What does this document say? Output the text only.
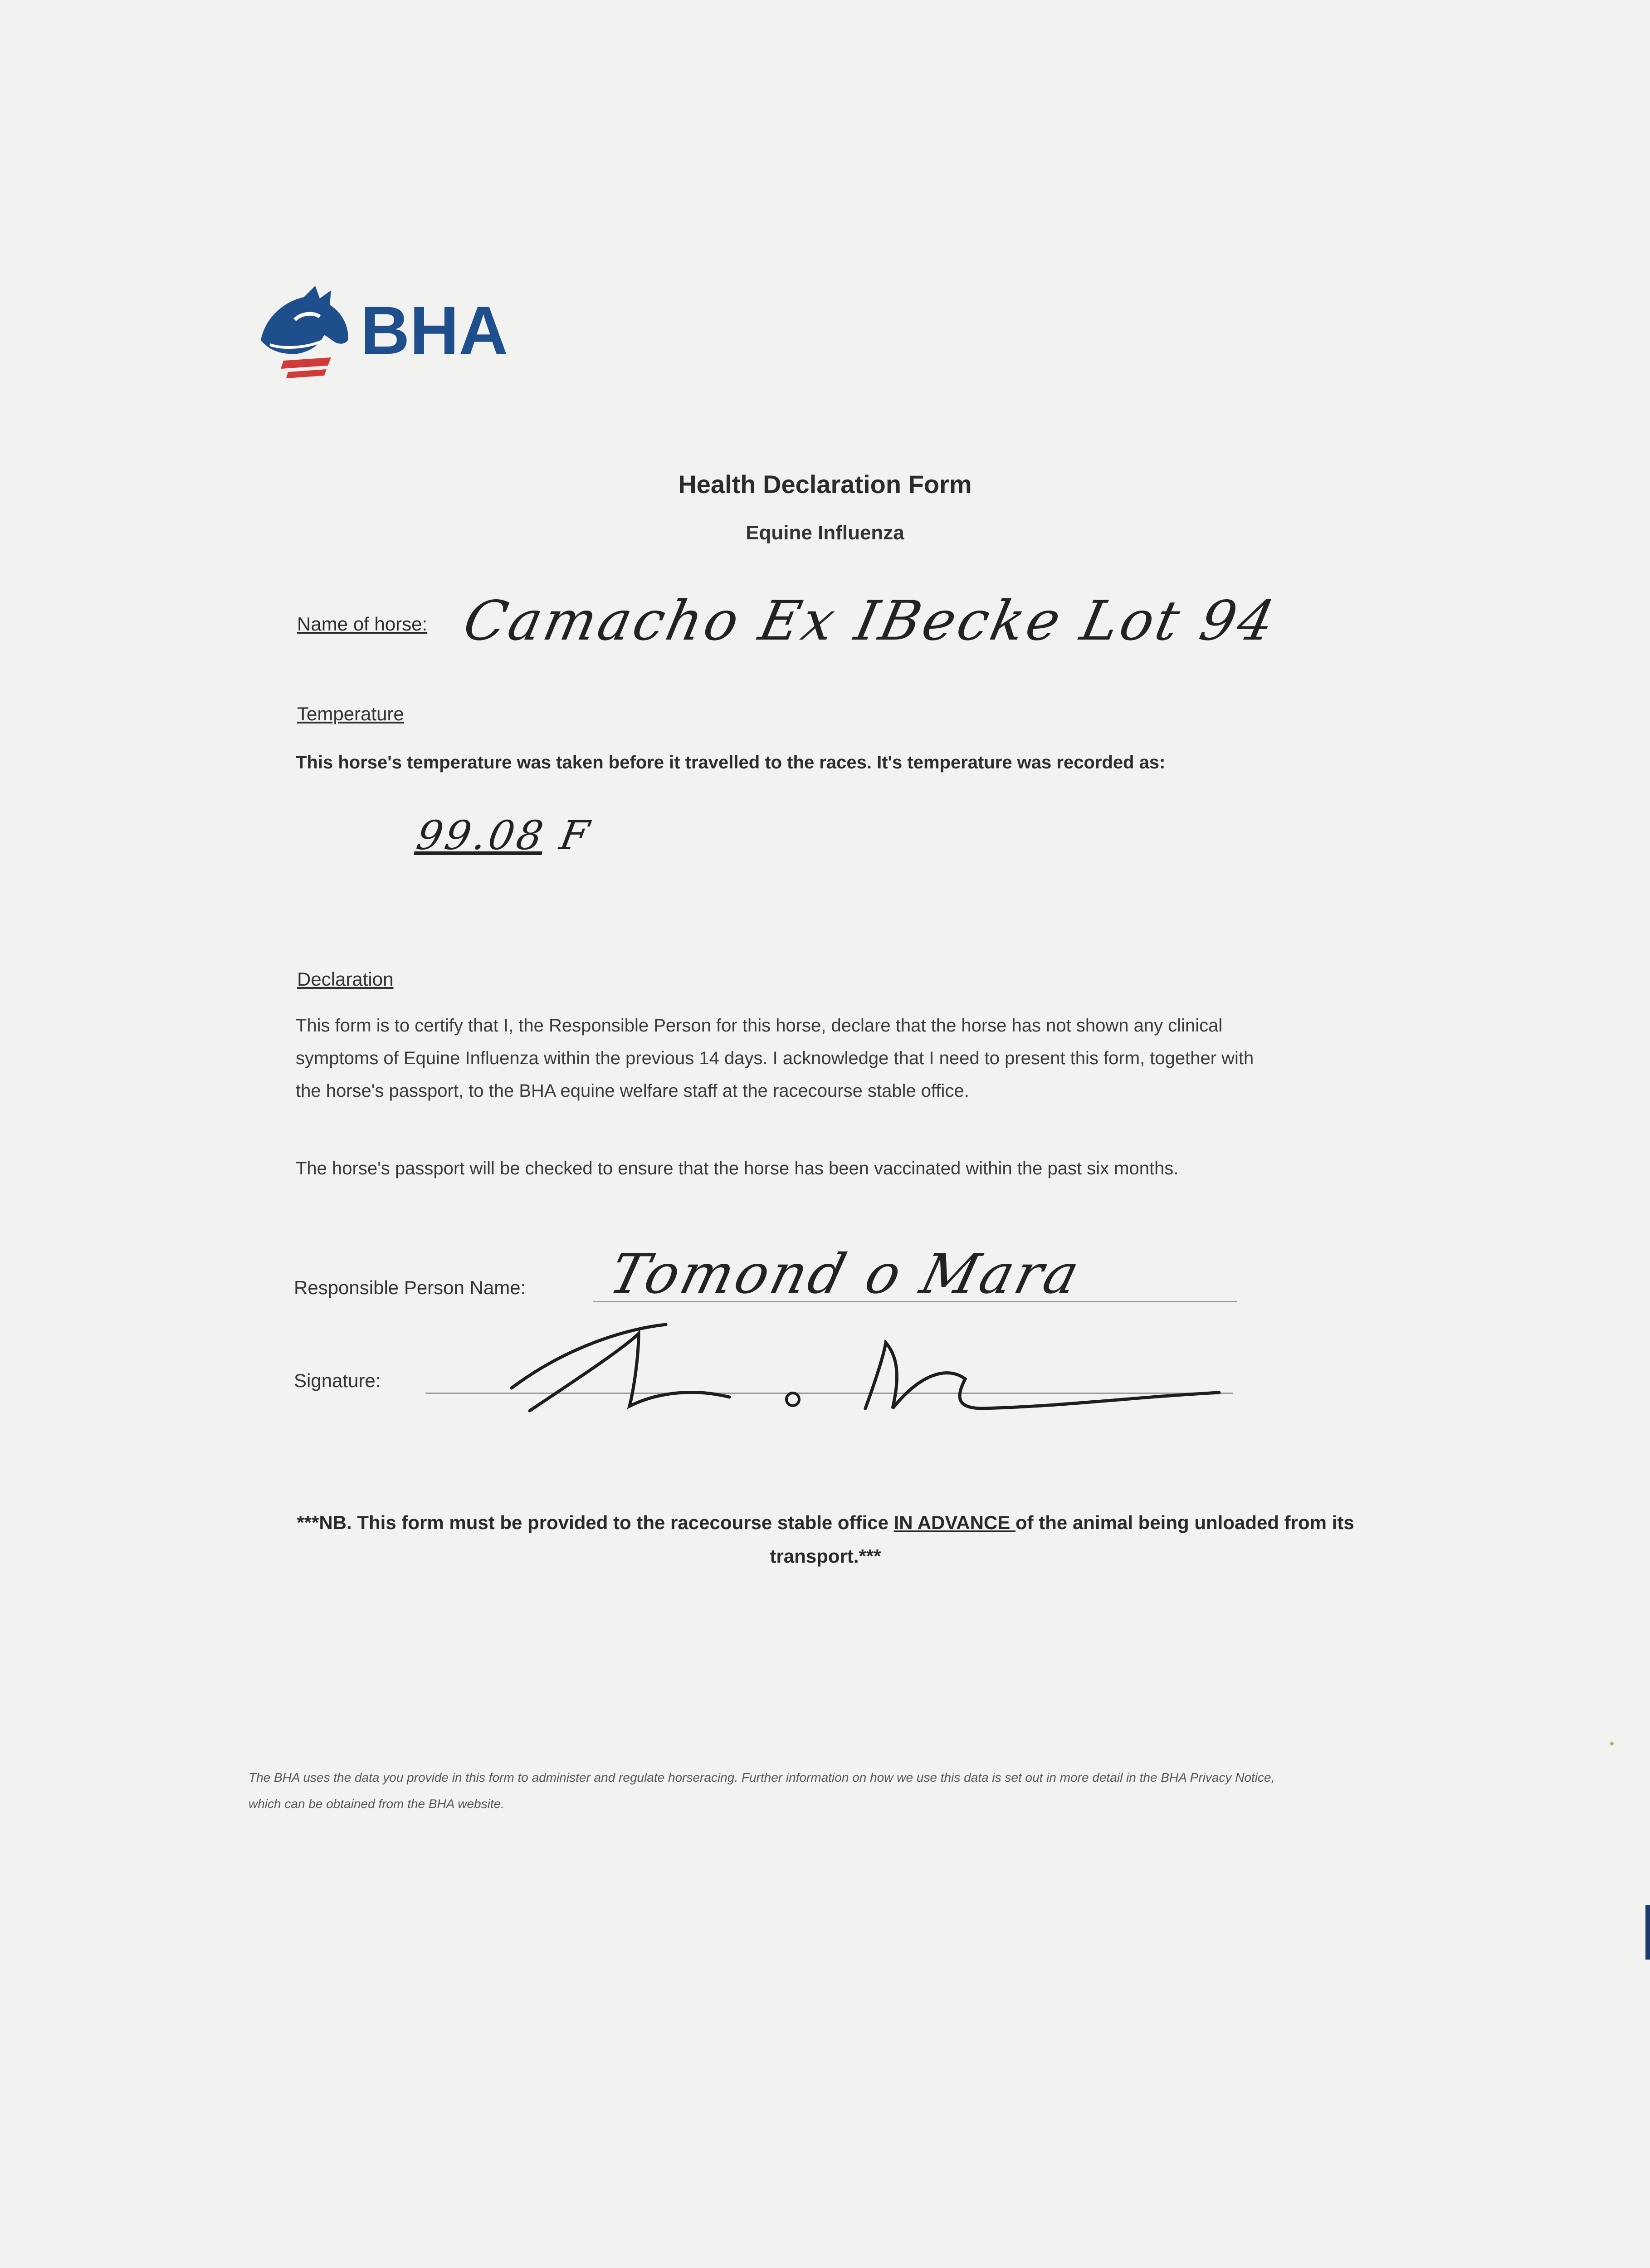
BHA
Health Declaration Form
Equine Influenza
Name of horse: Camacho Ex IBecke Lot 94
Temperature
This horse's temperature was taken before it travelled to the races. It's temperature was recorded as:
99.08 F
Declaration
This form is to certify that I, the Responsible Person for this horse, declare that the horse has not shown any clinical symptoms of Equine Influenza within the previous 14 days. I acknowledge that I need to present this form, together with the horse's passport, to the BHA equine welfare staff at the racecourse stable office.
The horse's passport will be checked to ensure that the horse has been vaccinated within the past six months.
Responsible Person Name: Tomond o Mara
Signature:
***NB. This form must be provided to the racecourse stable office IN ADVANCE of the animal being unloaded from its transport.***
The BHA uses the data you provide in this form to administer and regulate horseracing. Further information on how we use this data is set out in more detail in the BHA Privacy Notice, which can be obtained from the BHA website.
